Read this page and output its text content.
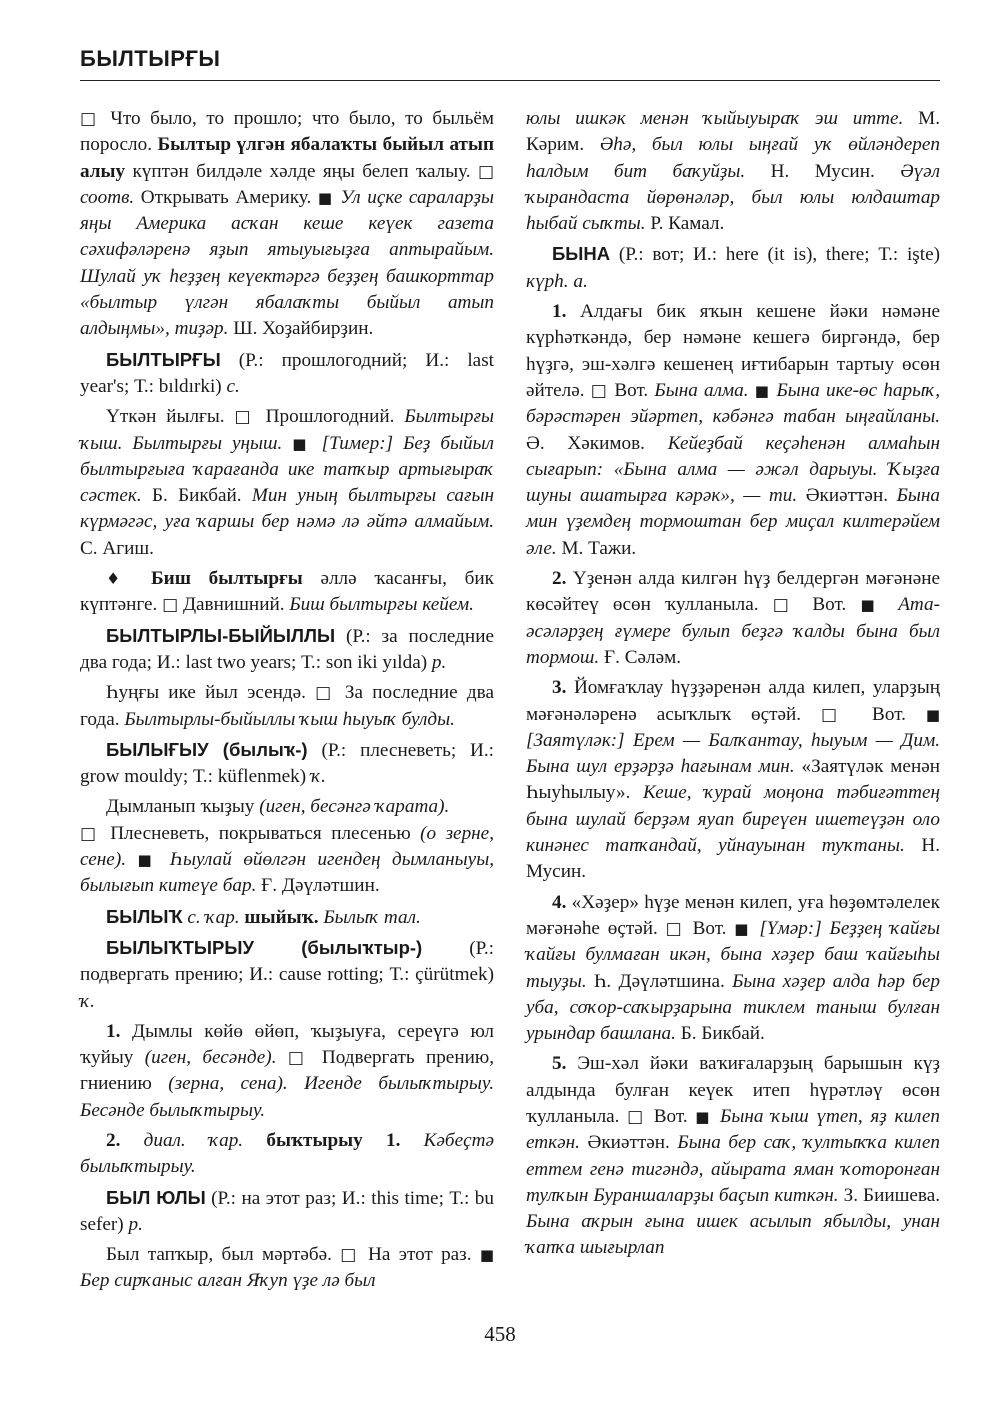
БЫЛТЫРҒЫ

□ Что было, то прошло; что было, то быльём поросло. Былтыр үлгән ябалаҡты быйыл атып алыу күптән билдәле хәлде яңы белеп ҡалыу. □ соотв. Открывать Америку. ■ Ул иҫке сараларҙы яңы Америка асҡан кеше кеүек газета сәхифәләренә яҙып ятыуығыҙға аптырайым. Шулай уҡ һеҙҙең кеүектәргә беҙҙең башкорттар «былтыр үлгән ябалаҡты быйыл атып алдыңмы», тиҙәр. Ш. Хоҙайбирҙин.

БЫЛТЫРҒЫ (Р.: прошлогодний; И.: last year's; Т.: bıldırki) с.

Үткән йылғы. □ Прошлогодний. Былтырғы ҡыш. Былтырғы уңыш. ■ [Тимер:] Беҙ быйыл былтырғыға ҡарағанда ике тапҡыр артығыраҡ сәстек. Б. Бикбай. Мин уның былтырғы сағын күрмәгәс, уға ҡаршы бер нәмә лә әйтә алмайым. С. Агиш.

♦ Биш былтырғы әллә ҡасанғы, бик күптәнге. □ Давнишний. Биш былтырғы кейем.

БЫЛТЫРЛЫ-БЫЙЫЛЛЫ (Р.: за последние два года; И.: last two years; Т.: son iki yılda) р.

Һуңғы ике йыл эсендә. □ За последние два года. Былтырлы-быйыллы ҡыш һыуыҡ булды.

БЫЛЫҒЫУ (былыҡ-) (Р.: плесневеть; И.: grow mouldy; Т.: küflenmek) ҡ.

Дымланып ҡыҙыу (иген, бесәнгә ҡарата).
□ Плесневеть, покрываться плесенью (о зерне, сене). ■ Һыулай өйөлгән игендең дымланыуы, былығып китеүе бар. Ғ. Дәүләтшин.

БЫЛЫҠ с. ҡар. шыйыҡ. Былыҡ тал.

БЫЛЫҠТЫРЫУ (былыҡтыр-) (Р.: подвергать прению; И.: cause rotting; Т.: çürütmek) ҡ.

1. Дымлы көйө өйөп, ҡыҙыуға, сереүгә юл ҡуйыу (иген, бесәнде). □ Подвергать прению, гниению (зерна, сена). Игенде былыҡтырыу. Бесәнде былыҡтырыу.

2. диал. ҡар. быҡтырыу 1. Кәбеҫтә былыҡтырыу.

БЫЛ ЮЛЫ (Р.: на этот раз; И.: this time; Т.: bu sefer) р.

Был тапҡыр, был мәртәбә. □ На этот раз. ■ Бер сирҡаныс алған Яҡуп үҙе лә был

юлы ишкәк менән ҡыйыуыраҡ эш итте. М. Кәрим. Әһә, был юлы ыңғай уҡ өйләндереп һалдым бит баҡуйҙы. Н. Мусин. Әүәл ҡырандаста йөрөнәләр, был юлы юлдаштар һыбай сыҡты. Р. Камал.

БЫНА (Р.: вот; И.: here (it is), there; Т.: işte) күрһ. а.

1. Алдағы бик яҡын кешене йәки нәмәне күрһәткәндә, бер нәмәне кешегә биргәндә, бер һүҙгә, эш-хәлгә кешенең иғтибарын тартыу өсөн әйтелә. □ Вот. Бына алма. ■ Бына ике-өс һарыҡ, бәрәстәрен эйәртеп, кәбәнгә табан ыңғайланы. Ә. Хәкимов. Кейеҙбай кеҫәһенән алмаһын сығарып: «Бына алма — әжәл дарыуы. Ҡыҙға шуны ашатырға кәрәк», — ти. Әкиәттән. Бына мин үҙемдең тормоштан бер миҫал килтерәйем әле. М. Тажи.

2. Үҙенән алда килгән һүҙ белдергән мәғәнәне көсәйтеү өсөн ҡулланыла. □ Вот. ■ Ата-әсәләрҙең ғүмере булып беҙгә ҡалды бына был тормош. Ғ. Сәләм.

3. Йомғаҡлау һүҙҙәренән алда килеп, уларҙың мәғәнәләренә асыҡлыҡ өҫтәй. □	Вот. ■ [Заятүләк:] Ерем — Балҡантау, һыуым — Дим. Бына шул ерҙәрҙә һағынам мин. «Заятүләк менән Һыуһылыу». Кеше, ҡурай моңона тәбиғәттең бына шулай берҙәм яуап биреүен ишетеүҙән оло кинәнес тапҡандай, уйнауынан туҡтаны. Н. Мусин.

4. «Хәҙер» һүҙе менән килеп, уға һөҙөмтәлелек мәғәнәһе өҫтәй. □ Вот. ■ [Үмәр:] Беҙҙең ҡайғы ҡайғы булмаған икән, бына хәҙер баш ҡайғыһы тыуҙы. Һ. Дәүләтшина. Бына хәҙер алда һәр бер уба, соҡор-саҡырҙарына тиклем таныш булған урындар башлана. Б. Бикбай.

5. Эш-хәл йәки ваҡиғаларҙың барышын күҙ алдында булған кеүек итеп һүрәтләү өсөн ҡулланыла. □ Вот. ■ Бына ҡыш үтеп, яҙ килеп еткән. Әкиәттән. Бына бер саҡ, ҡултыҡҡа килеп еттем генә тигәндә, айырата яман ҡоторонған тулҡын Бураншаларҙы баҫып киткән. З. Биишева. Бына аҡрын ғына ишек асылып ябылды, унан ҡапҡа шығырлап

458
